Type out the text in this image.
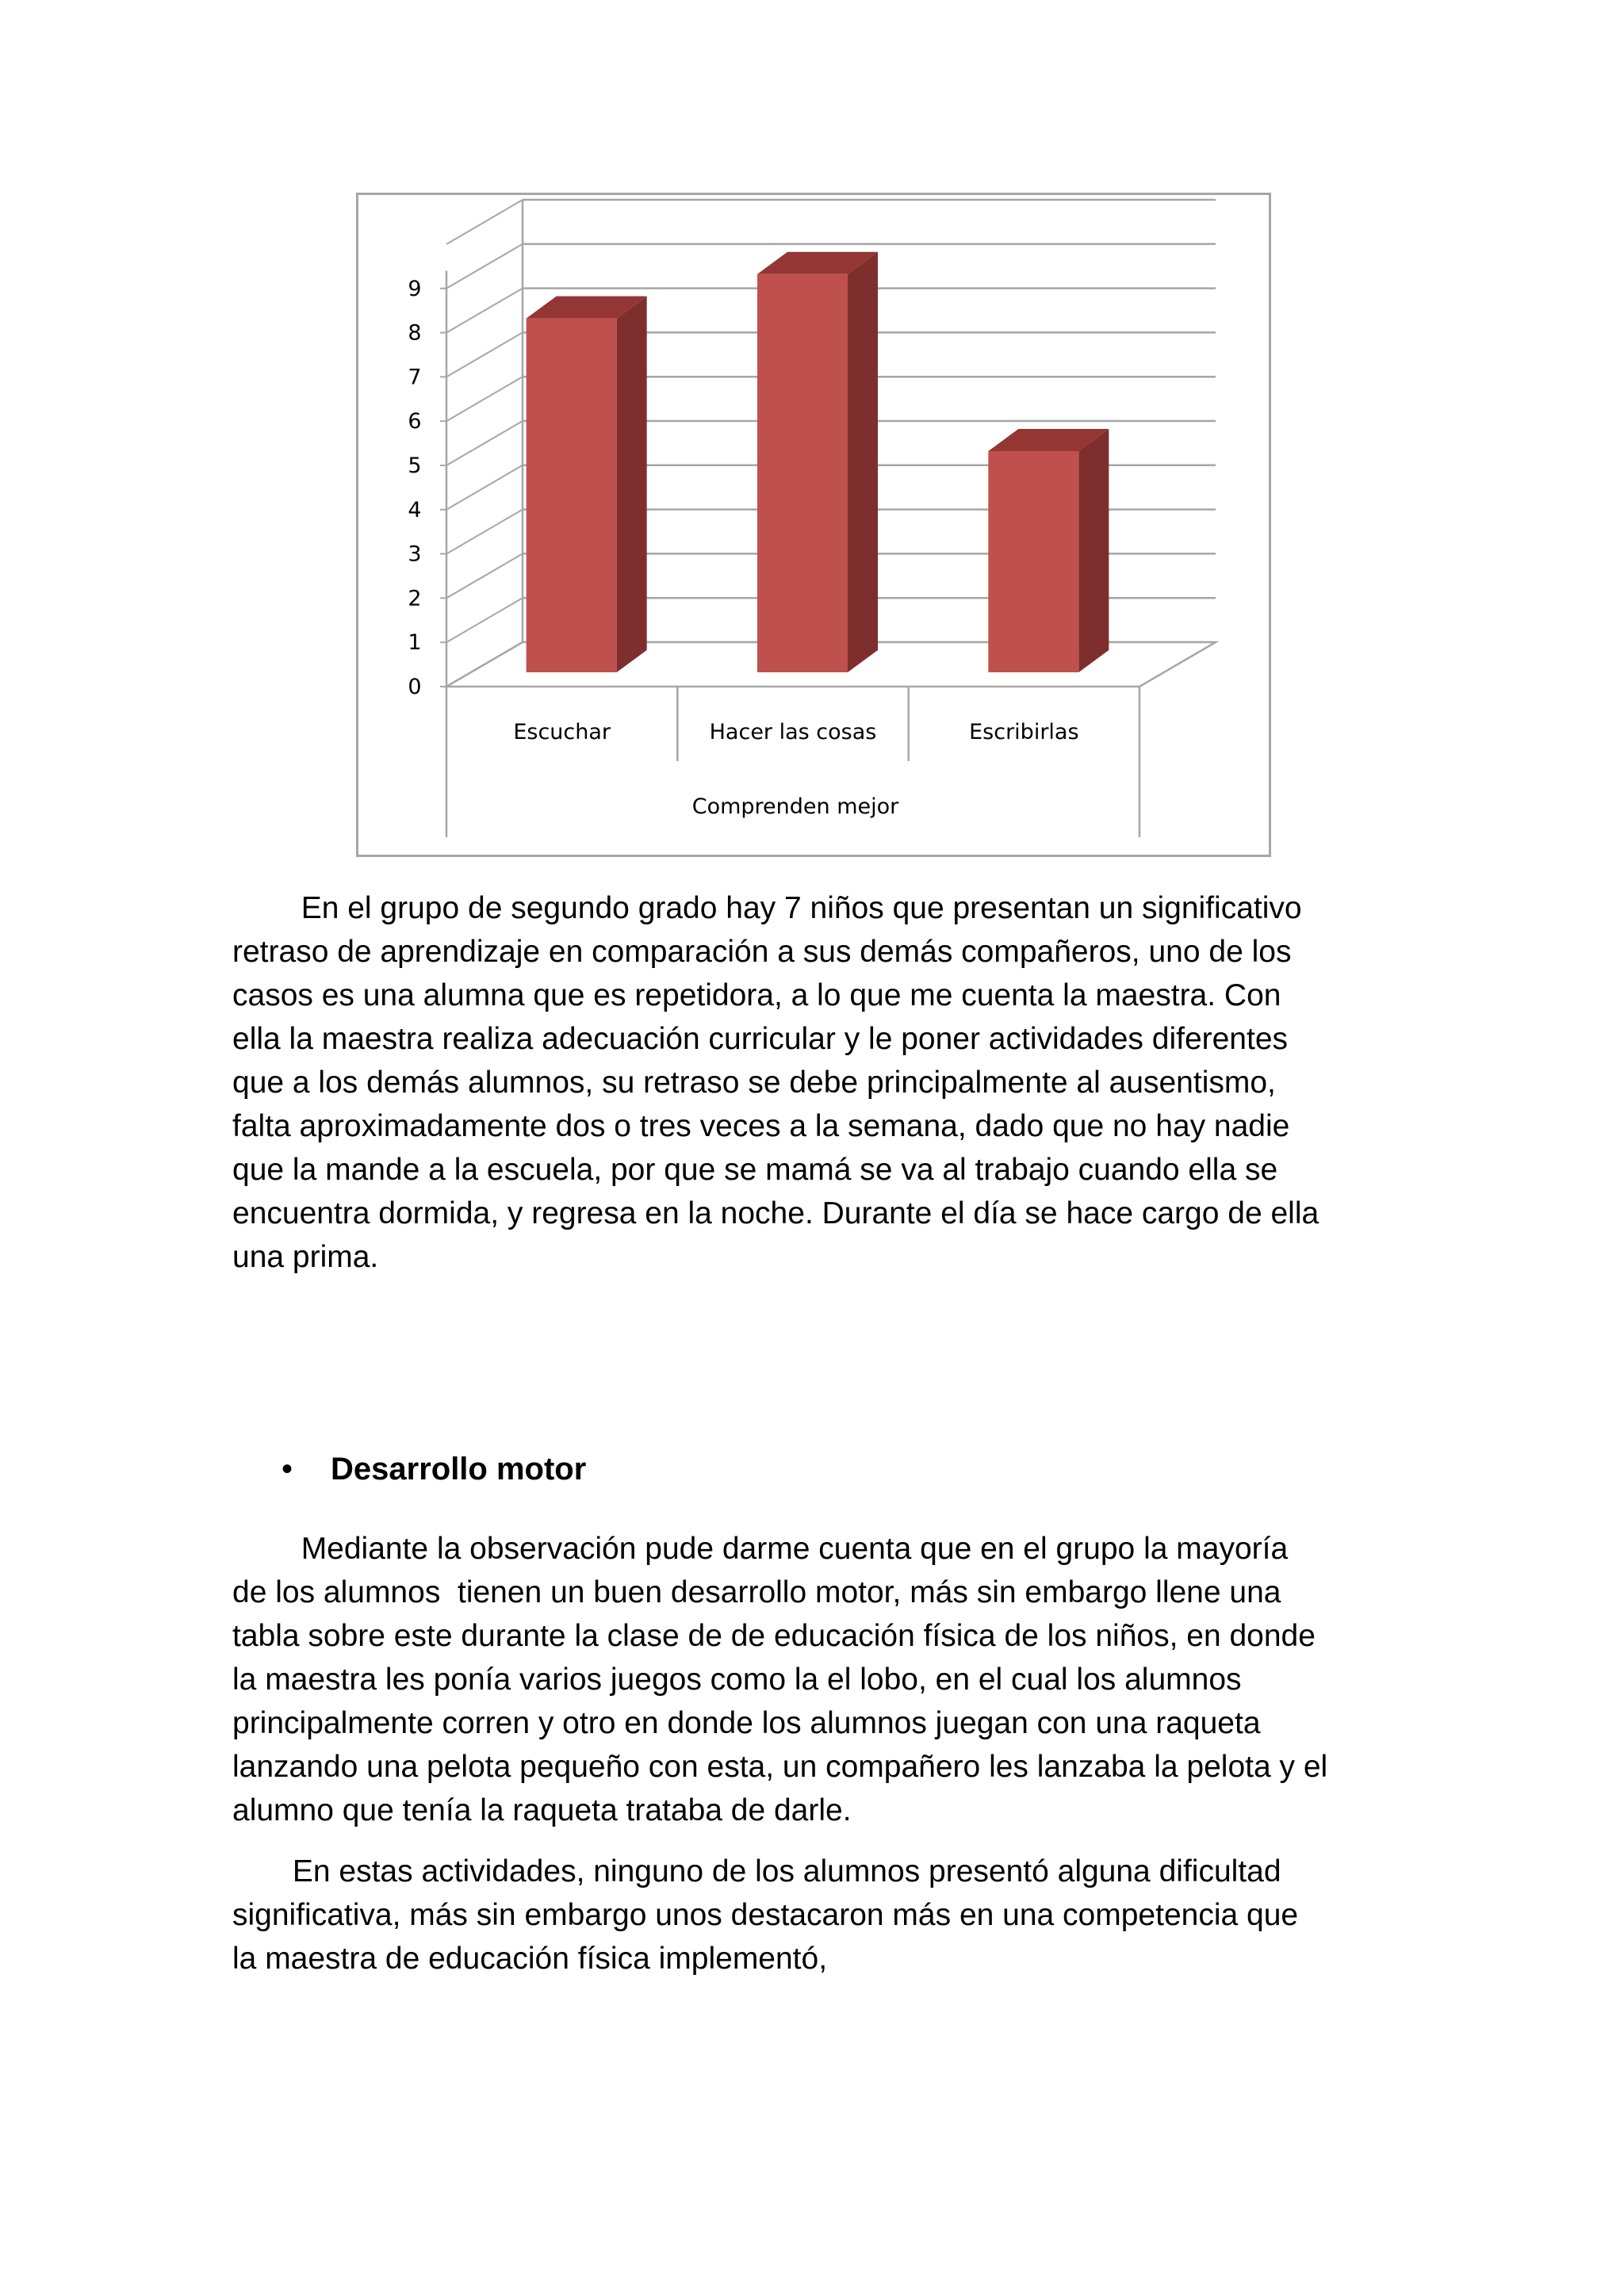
0
1
2
3
4
5
6
7
8
9
Escuchar	Hacer las cosas	Escribirlas
Comprenden mejor

En el grupo de segundo grado hay 7 niños que presentan un significativo
retraso de aprendizaje en comparación a sus demás compañeros, uno de los
casos es una alumna que es repetidora, a lo que me cuenta la maestra. Con
ella la maestra realiza adecuación curricular y le poner actividades diferentes
que a los demás alumnos, su retraso se debe principalmente al ausentismo,
falta aproximadamente dos o tres veces a la semana, dado que no hay nadie
que la mande a la escuela, por que se mamá se va al trabajo cuando ella se
encuentra dormida, y regresa en la noche. Durante el día se hace cargo de ella
una prima.

• Desarrollo motor

Mediante la observación pude darme cuenta que en el grupo la mayoría
de los alumnos  tienen un buen desarrollo motor, más sin embargo llene una
tabla sobre este durante la clase de de educación física de los niños, en donde
la maestra les ponía varios juegos como la el lobo, en el cual los alumnos
principalmente corren y otro en donde los alumnos juegan con una raqueta
lanzando una pelota pequeño con esta, un compañero les lanzaba la pelota y el
alumno que tenía la raqueta trataba de darle.

En estas actividades, ninguno de los alumnos presentó alguna dificultad
significativa, más sin embargo unos destacaron más en una competencia que
la maestra de educación física implementó,
